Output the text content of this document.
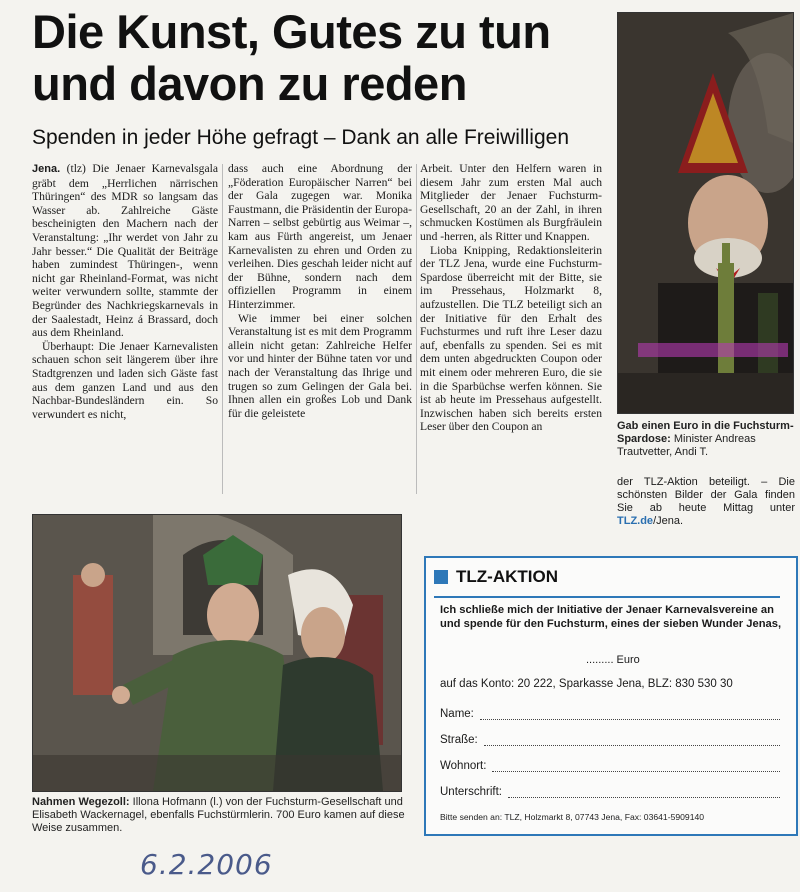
Die Kunst, Gutes zu tun
und davon zu reden
Spenden in jeder Höhe gefragt – Dank an alle Freiwilligen

Jena. (tlz) Die Jenaer Karnevalsgala gräbt dem „Herrlichen närrischen Thüringen“ des MDR so langsam das Wasser ab. Zahlreiche Gäste bescheinigten den Machern nach der Veranstaltung: „Ihr werdet von Jahr zu Jahr besser.“ Die Qualität der Beiträge haben zumindest Thüringen-, wenn nicht gar Rheinland-Format, was nicht weiter verwundern sollte, stammte der Begründer des Nachkriegskarnevals in der Saalestadt, Heinz á Brassard, doch aus dem Rheinland.

Überhaupt: Die Jenaer Karnevalisten schauen schon seit längerem über ihre Stadtgrenzen und laden sich Gäste fast aus dem ganzen Land und aus den Nachbar-Bundesländern ein. So verwundert es nicht,

dass auch eine Abordnung der „Föderation Europäischer Narren“ bei der Gala zugegen war. Monika Faustmann, die Präsidentin der Europa-Narren – selbst gebürtig aus Weimar –, kam aus Fürth angereist, um Jenaer Karnevalisten zu ehren und Orden zu verleihen. Dies geschah leider nicht auf der Bühne, sondern nach dem offiziellen Programm in einem Hinterzimmer.

Wie immer bei einer solchen Veranstaltung ist es mit dem Programm allein nicht getan: Zahlreiche Helfer vor und hinter der Bühne taten vor und nach der Veranstaltung das Ihrige und trugen so zum Gelingen der Gala bei. Ihnen allen ein großes Lob und Dank für die geleistete

Arbeit. Unter den Helfern waren in diesem Jahr zum ersten Mal auch Mitglieder der Jenaer Fuchsturm-Gesellschaft, 20 an der Zahl, in ihren schmucken Kostümen als Burgfräulein und -herren, als Ritter und Knappen.

Lioba Knipping, Redaktionsleiterin der TLZ Jena, wurde eine Fuchsturm-Spardose überreicht mit der Bitte, sie im Pressehaus, Holzmarkt 8, aufzustellen. Die TLZ beteiligt sich an der Initiative für den Erhalt des Fuchsturmes und ruft ihre Leser dazu auf, ebenfalls zu spenden. Sei es mit dem unten abgedruckten Coupon oder mit einem oder mehreren Euro, die sie in die Sparbüchse werfen können. Sie ist ab heute im Pressehaus aufgestellt. Inzwischen haben sich bereits ersten Leser über den Coupon an	Gab einen Euro in die Fuchsturm-Spardose: Minister Andreas Trautvetter, Andi T.
der TLZ-Aktion beteiligt. – Die schönsten Bilder der Gala finden Sie ab heute Mittag unter TLZ.de/Jena.
Nahmen Wegezoll: Illona Hofmann (l.) von der Fuchsturm-Gesellschaft und Elisabeth Wackernagel, ebenfalls Fuchstürmlerin. 700 Euro kamen auf diese Weise zusammen.
TLZ-AKTION
Ich schließe mich der Initiative der Jenaer Karnevalsvereine an und spende für den Fuchsturm, eines der sieben Wunder Jenas,
......... Euro
auf das Konto: 20 222, Sparkasse Jena, BLZ: 830 530 30
Name:
Straße:
Wohnort:
Unterschrift:
Bitte senden an: TLZ, Holzmarkt 8, 07743 Jena, Fax: 03641-5909140
6.2.2006
